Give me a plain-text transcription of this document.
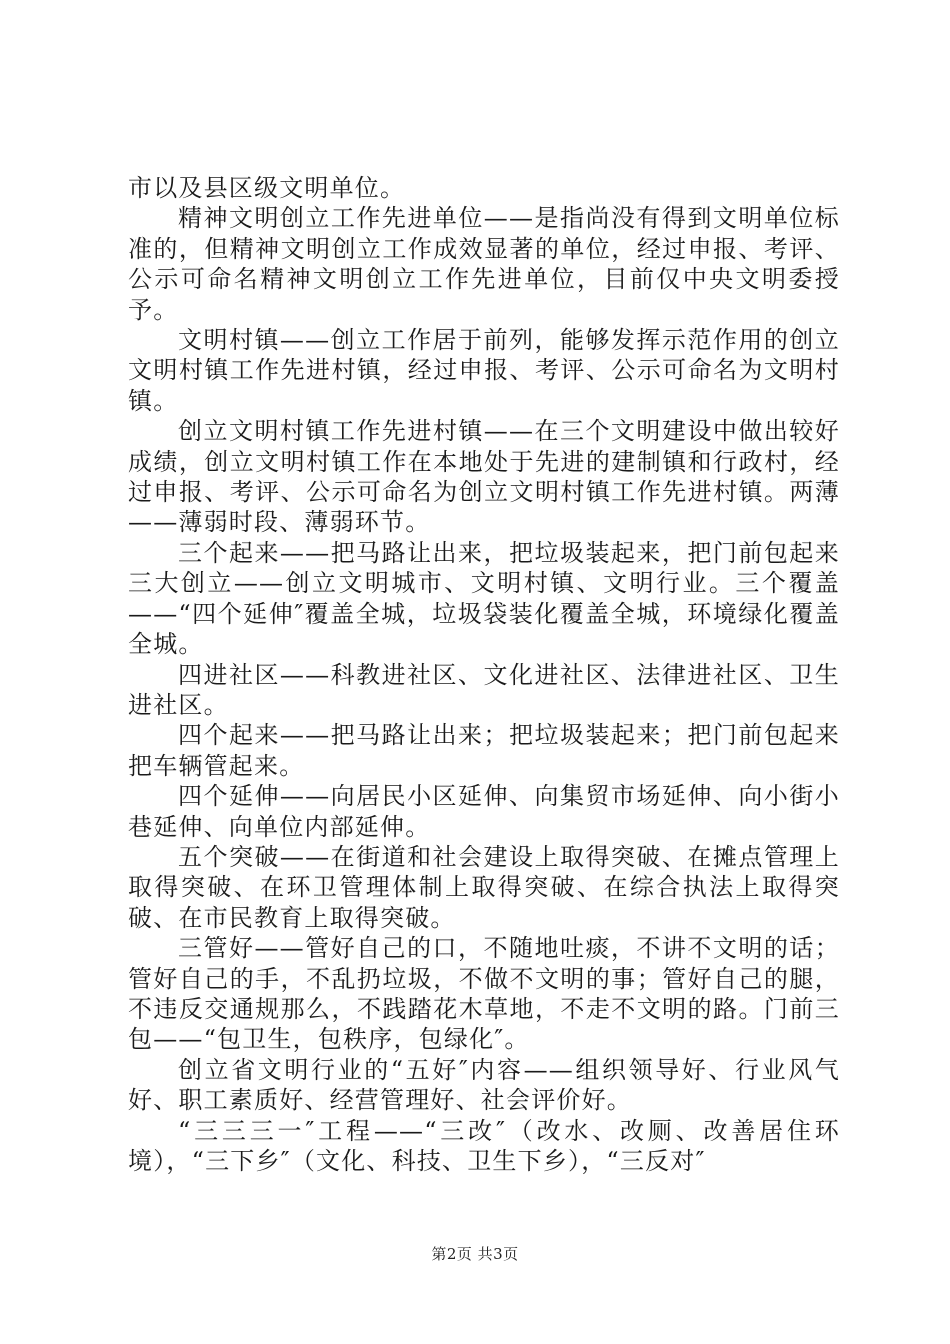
市以及县区级文明单位。

精神文明创立工作先进单位——是指尚没有得到文明单位标准的，但精神文明创立工作成效显著的单位，经过申报、考评、公示可命名精神文明创立工作先进单位，目前仅中央文明委授予。

文明村镇——创立工作居于前列，能够发挥示范作用的创立文明村镇工作先进村镇，经过申报、考评、公示可命名为文明村镇。

创立文明村镇工作先进村镇——在三个文明建设中做出较好成绩，创立文明村镇工作在本地处于先进的建制镇和行政村，经过申报、考评、公示可命名为创立文明村镇工作先进村镇。两薄——薄弱时段、薄弱环节。

三个起来——把马路让出来，把垃圾装起来，把门前包起来三大创立——创立文明城市、文明村镇、文明行业。三个覆盖——“四个延伸″覆盖全城，垃圾袋装化覆盖全城，环境绿化覆盖全城。

四进社区——科教进社区、文化进社区、法律进社区、卫生进社区。

四个起来——把马路让出来；把垃圾装起来；把门前包起来把车辆管起来。

四个延伸——向居民小区延伸、向集贸市场延伸、向小街小巷延伸、向单位内部延伸。

五个突破——在街道和社会建设上取得突破、在摊点管理上取得突破、在环卫管理体制上取得突破、在综合执法上取得突破、在市民教育上取得突破。

三管好——管好自己的口，不随地吐痰，不讲不文明的话；管好自己的手，不乱扔垃圾，不做不文明的事；管好自己的腿，不违反交通规那么，不践踏花木草地，不走不文明的路。门前三包——“包卫生，包秩序，包绿化″。

创立省文明行业的“五好″内容——组织领导好、行业风气好、职工素质好、经营管理好、社会评价好。

“三三三一″工程——“三改″（改水、改厕、改善居住环境），“三下乡″（文化、科技、卫生下乡），“三反对″

第2页 共3页
